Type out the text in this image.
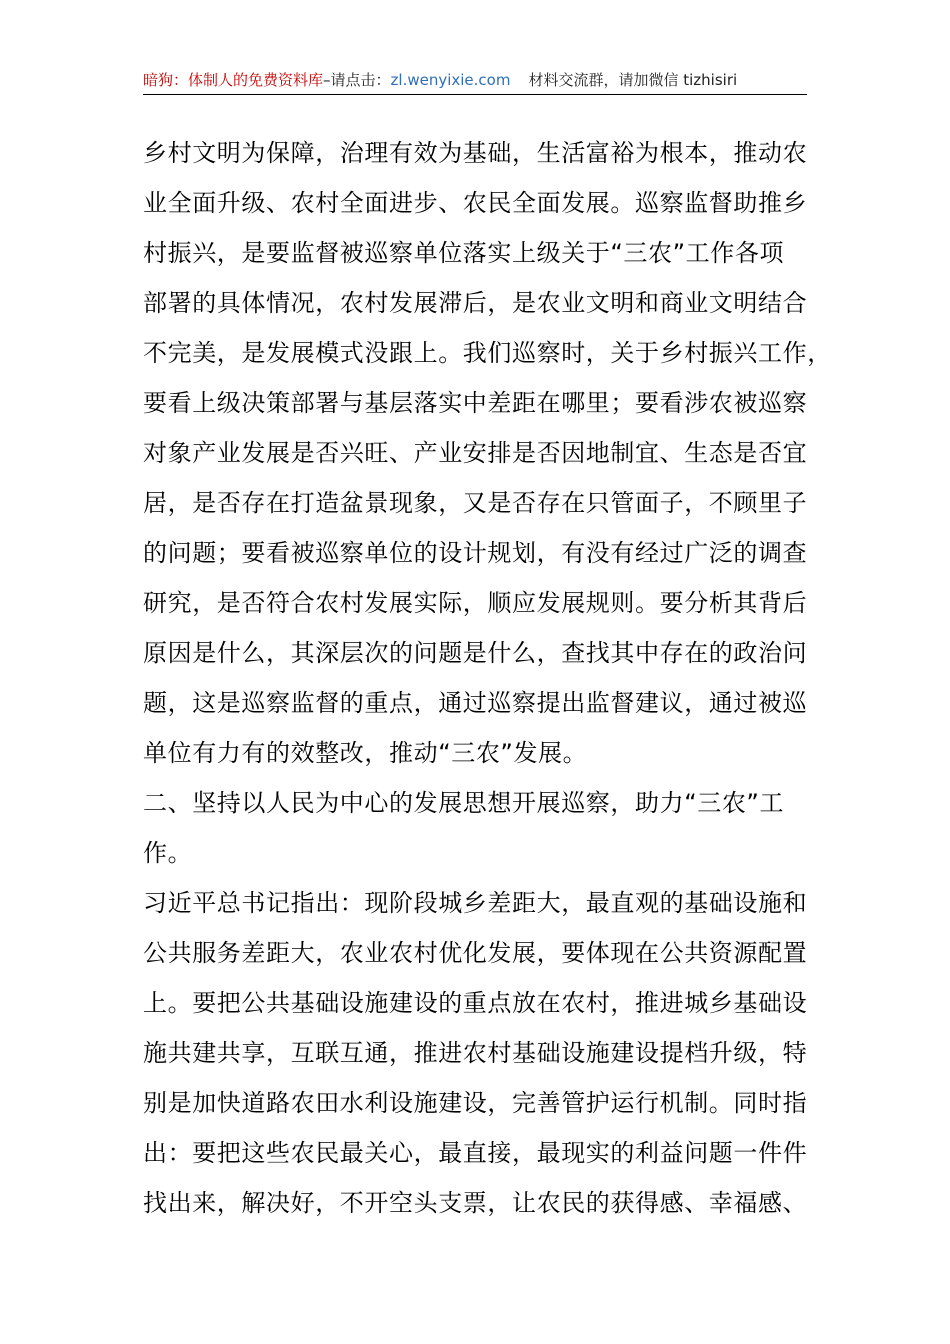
暗狗：体制人的免费资料库–请点击：zl.wenyixie.com 材料交流群，请加微信 tizhisiri
乡村文明为保障，治理有效为基础，生活富裕为根本，推动农
业全面升级、农村全面进步、农民全面发展。巡察监督助推乡
村振兴，是要监督被巡察单位落实上级关于“三农”工作各项
部署的具体情况，农村发展滞后，是农业文明和商业文明结合
不完美，是发展模式没跟上。我们巡察时，关于乡村振兴工作，
要看上级决策部署与基层落实中差距在哪里；要看涉农被巡察
对象产业发展是否兴旺、产业安排是否因地制宜、生态是否宜
居，是否存在打造盆景现象，又是否存在只管面子，不顾里子
的问题；要看被巡察单位的设计规划，有没有经过广泛的调查
研究，是否符合农村发展实际，顺应发展规则。要分析其背后
原因是什么，其深层次的问题是什么，查找其中存在的政治问
题，这是巡察监督的重点，通过巡察提出监督建议，通过被巡
单位有力有的效整改，推动“三农”发展。
二、坚持以人民为中心的发展思想开展巡察，助力“三农”工
作。
习近平总书记指出：现阶段城乡差距大，最直观的基础设施和
公共服务差距大，农业农村优化发展，要体现在公共资源配置
上。要把公共基础设施建设的重点放在农村，推进城乡基础设
施共建共享，互联互通，推进农村基础设施建设提档升级，特
别是加快道路农田水利设施建设，完善管护运行机制。同时指
出：要把这些农民最关心，最直接，最现实的利益问题一件件
找出来，解决好，不开空头支票，让农民的获得感、幸福感、
